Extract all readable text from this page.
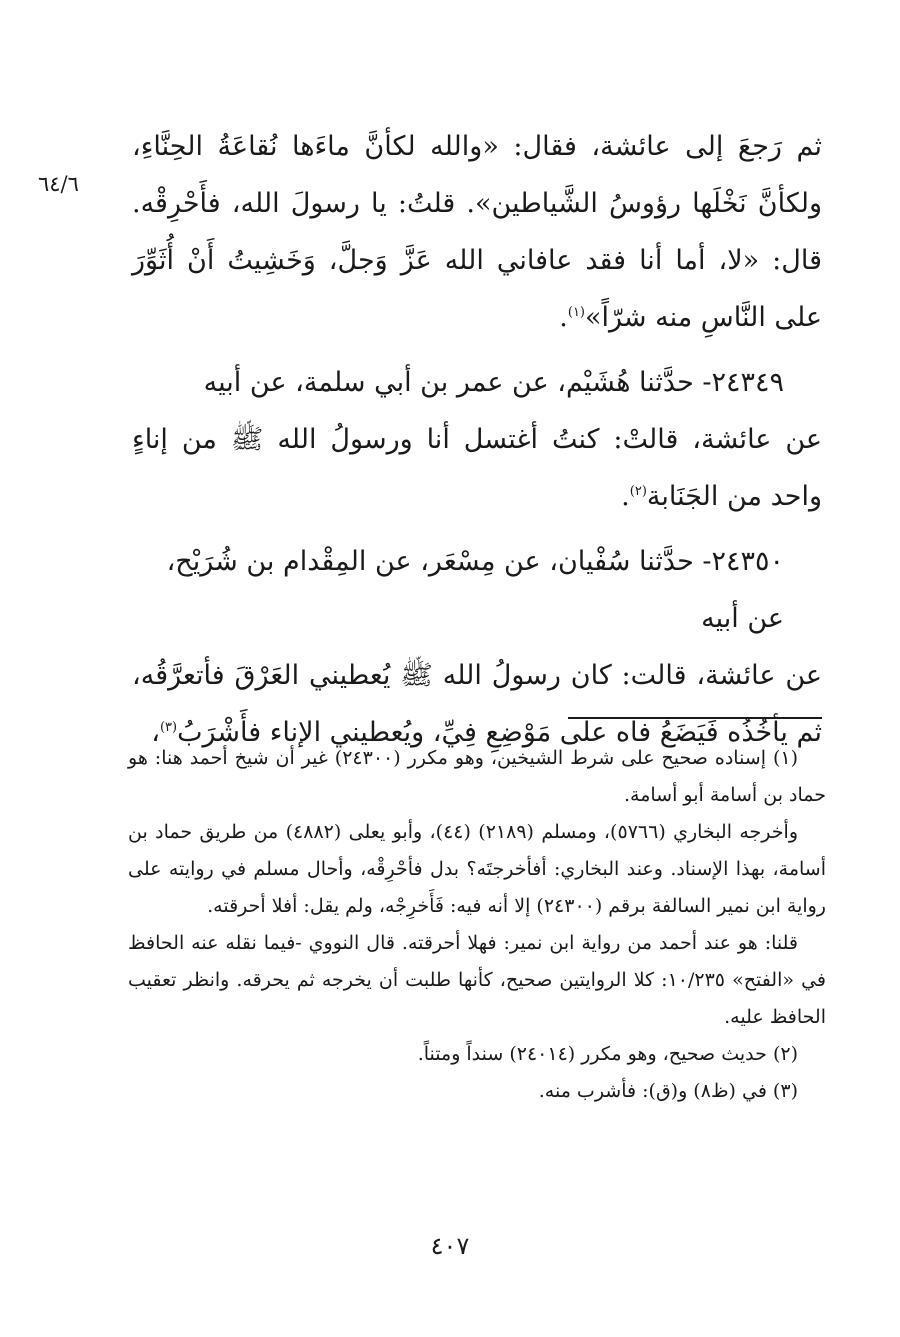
٦٤/٦

ثم رَجعَ إلى عائشة، فقال: «والله لكأنَّ ماءَها نُقاعَةُ الحِنَّاءِ، ولكأنَّ نَخْلَها رؤوسُ الشَّياطين». قلتُ: يا رسولَ الله، فأَحْرِقْه. قال: «لا، أما أنا فقد عافاني الله عَزَّ وَجلَّ، وَخَشِيتُ أَنْ أُثَوِّرَ على النَّاسِ منه شرّاً»$^{(١)}$.

٢٤٣٤٩- حدَّثنا هُشَيْم، عن عمر بن أبي سلمة، عن أبيه

عن عائشة، قالتْ: كنتُ أغتسل أنا ورسولُ الله ﷺ من إناءٍ واحد من الجَنَابة$^{(٢)}$.

٢٤٣٥٠- حدَّثنا سُفْيان، عن مِسْعَر، عن المِقْدام بن شُرَيْح، عن أبيه

عن عائشة، قالت: كان رسولُ الله ﷺ يُعطيني العَرْقَ فأتعرَّقُه، ثم يأخُذُه فَيَضَعُ فاه على مَوْضِعِ فِيِّ، ويُعطيني الإناء فأَشْرَبُ$^{(٣)}$،

(١) إسناده صحيح على شرط الشيخين، وهو مكرر (٢٤٣٠٠) غير أن شيخ أحمد هنا: هو حماد بن أسامة أبو أسامة.

وأخرجه البخاري (٥٧٦٦)، ومسلم (٢١٨٩) (٤٤)، وأبو يعلى (٤٨٨٢) من طريق حماد بن أسامة، بهذا الإسناد. وعند البخاري: أفأخرجتَه؟ بدل فأحْرِقْه، وأحال مسلم في روايته على رواية ابن نمير السالفة برقم (٢٤٣٠٠) إلا أنه فيه: فَأَخرِجْه، ولم يقل: أفلا أحرقته.

قلنا: هو عند أحمد من رواية ابن نمير: فهلا أحرقته. قال النووي -فيما نقله عنه الحافظ في «الفتح» ١٠/٢٣٥: كلا الروايتين صحيح، كأنها طلبت أن يخرجه ثم يحرقه. وانظر تعقيب الحافظ عليه.

(٢) حديث صحيح، وهو مكرر (٢٤٠١٤) سنداً ومتناً.

(٣) في (ظ٨) و(ق): فأشرب منه.

٤٠٧
